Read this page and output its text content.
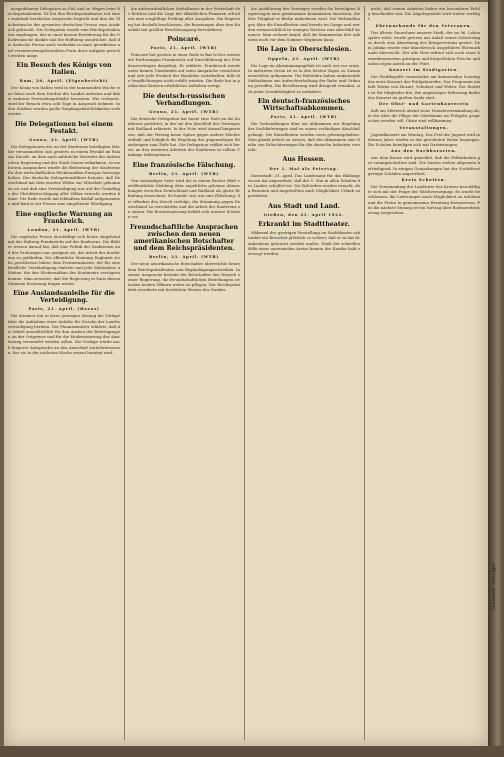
ausgedehnten Delegation zu Fuß und zu Wagen beim Reichspräsidenten. Er hat den Reichspräsidenten mit einer wahrhaft herzlichen Ansprache begrüßt und ihm die Glückwünsche der gesamten deutschen Presse zum Ausdruck gebracht. Die Delegation wurde vom Reichspräsidenten empfangen, der in einer kurzen Erwiderung für die Glückwünsche dankte und die Hoffnung ausdrückte, daß die deutsche Presse auch weiterhin in einer geordneten und verantwortungsbewußten Form ihrer Aufgabe gerecht werden möge.

Ein Besuch des Königs von Italien.
Rom, 20. April. (Eigenbericht)

Der König von Italien wird in der kommenden Woche eine Reise nach dem Norden des Landes antreten und dabei mehrere Provinzhauptstädte besuchen. Wie verlautet, wird der Besuch etwa acht Tage in Anspruch nehmen. In den Städten werden große Empfangsfeierlichkeiten vorbereitet.

Die Delegationen bei einem Festakt.
Genua, 21. April. (WTB)

Die Delegationen der an der Konferenz beteiligten Mächte versammelten sich gestern zu einem Festakt im Palazzo Ducale, an dem auch zahlreiche Vertreter der italienischen Regierung und der Stadt Genua teilnahmen. In mehreren Ansprachen wurde die Bedeutung der Konferenz für den wirtschaftlichen Wiederaufbau Europas hervorgehoben. Der deutsche Delegationsführer betonte, daß Deutschland mit dem ernsten Willen zur Mitarbeit gekommen sei und daß eine Verständigung nur auf der Grundlage der Gleichberechtigung aller Völker erreicht werden könne. Die Rede wurde mit lebhaftem Beifall aufgenommen und fand in der Presse eine eingehende Würdigung.

Eine englische Warnung an Frankreich.
London, 21. April. (WTB)

Die englische Presse beschäftigt sich heute eingehend mit der Haltung Frankreichs auf der Konferenz. Die Blätter weisen darauf hin, daß eine Politik der Sanktionen und der Drohungen nur geeignet sei, die Arbeit der Konferenz zu gefährden. Die öffentliche Meinung Englands stehe geschlossen hinter dem Premierminister, der für eine friedliche Verständigung eintrete und jede Maßnahme ablehne, die den Wiederaufbau des Kontinents verzögern könnte. Man erwartet, daß die Regierung in Paris diesen Stimmen Rechnung tragen werde.

Eine Auslandsanleihe für die Verteidigung.
Paris, 21. April. (Havas)

Die Kammer hat in ihrer gestrigen Sitzung die Vorlage über die Aufnahme einer Anleihe für Zwecke der Landesverteidigung beraten. Der Finanzminister erklärte, daß die Mittel ausschließlich für den Ausbau der Befestigungen an der Ostgrenze und für die Modernisierung der Ausrüstung verwendet werden sollen. Die Vorlage wurde nach längerer Aussprache an den Ausschuß zurückverwiesen, der sie in der nächsten Woche erneut beraten wird.

die außerordentlichen Verhältnisse in der Wirtschaft des Reiches und die Lage der öffentlichen Finanzen erfordern eine sorgfältige Prüfung aller Ausgaben. Die Regierung hat deshalb beschlossen, die Beratungen über den Haushalt mit größter Beschleunigung fortzuführen.

Poincaré.
Paris, 21. April. (WTB)

Poincaré hat gestern in einer Rede in Bar-le-Duc erneut die Forderungen Frankreichs auf Durchführung des Friedensvertrages dargelegt. Er erklärte, Frankreich werde unter keinen Umständen auf seine Ansprüche verzichten und sich jede Freiheit des Handelns vorbehalten, falls die Verpflichtungen nicht erfüllt würden. Die Rede hat in politischen Kreisen erhebliches Aufsehen erregt.

Die deutsch-russischen Verhandlungen.
Genua, 21. April. (WTB)

Die deutsche Delegation hat heute eine Note an die Konferenz gerichtet, in der sie den Abschluß des Vertrages mit Rußland erläutert. In der Note wird darauf hingewiesen, daß der Vertrag keine Spitze gegen andere Mächte enthält und lediglich die Regelung der gegenseitigen Beziehungen zum Ziele hat. Die Delegation erklärt sich bereit, an den weiteren Arbeiten der Konferenz in vollem Umfange teilzunehmen.

Eine französische Fälschung.
Berlin, 21. April. (WTB)

Von zuständiger Seite wird die in einem Pariser Blatt veröffentlichte Meldung über angebliche geheime Abmachungen zwischen Deutschland und Rußland als glatte Erfindung bezeichnet. Es handle sich um eine Fälschung, die offenbar den Zweck verfolge, die Stimmung gegen Deutschland zu verschärfen und die Arbeit der Konferenz zu stören. Die Reichsregierung behält sich weitere Schritte vor.

Freundschaftliche Ansprachen zwischen dem neuen amerikanischen Botschafter und dem Reichspräsidenten.
Berlin, 21. April. (WTB)

Der neue amerikanische Botschafter überreichte heute dem Reichspräsidenten sein Beglaubigungsschreiben. In seiner Ansprache betonte der Botschafter den Wunsch seiner Regierung, die freundschaftlichen Beziehungen zwischen beiden Völkern weiter zu pflegen. Der Reichspräsident erwiderte mit herzlichen Worten des Dankes.

die Ausführung des Vertrages werden die beteiligten Regierungen eine gemeinsame Kommission einsetzen, die ihre Tätigkeit in Berlin aufnehmen wird. Die Verhandlungen über die Einzelheiten sind bereits im Gange und werden voraussichtlich in wenigen Wochen zum Abschluß kommen. Man rechnet damit, daß die Kommission ihre Arbeiten noch vor dem Sommer beginnen kann.

Die Lage in Oberschlesien.
Oppeln, 21. April. (WTB)

Die Lage im Abstimmungsgebiet ist nach wie vor ernst. In mehreren Orten ist es in den letzten Tagen zu Zusammenstößen gekommen. Die Behörden haben umfassende Maßnahmen zur Aufrechterhaltung der Ruhe und Ordnung getroffen. Die Bevölkerung wird dringend ermahnt, sich jeder Gewalttätigkeit zu enthalten.

Ein deutsch-französisches Wirtschaftsabkommen.
Paris, 21. April. (WTB)

Die Verhandlungen über ein Abkommen zur Regelung der Sachlieferungen sind zu einem vorläufigen Abschluß gelangt. Die Einzelheiten werden noch geheimgehalten. Man glaubt jedoch zu wissen, daß das Abkommen eine Reihe von Erleichterungen für die deutsche Industrie vorsieht.

Aus Hessen.
Der 1. Mai als Feiertag.

Darmstadt, 21. April. Das Landesamt für das Bildungswesen hat angeordnet, daß der 1. Mai in allen Schulen des Landes schulfrei ist. Die Behörden werden ersucht, den Beamten und Angestellten nach Möglichkeit Urlaub zu gewähren.

Aus Stadt und Land.
Gießen, den 21. April 1922.
Erkrankt im Stadttheater.

Während der gestrigen Vorstellung im Stadttheater erkrankte ein Besucher plötzlich so schwer, daß er in das Krankenhaus gebracht werden mußte. Dank der schnellen Hilfe eines anwesenden Arztes konnte der Kranke bald versorgt werden.

nicht, daß seinen Arbeiten bisher ein besonderer Erfolg beschieden war. Die Angelegenheit wird weiter verfolgt.

Ehrenurkunde für den Veteranen.

Der älteste Einwohner unserer Stadt, der im 96. Lebensjahre steht, wurde gestern aus Anlaß seines Geburtstages durch eine Abordnung des Kriegervereins geehrt. Dem Jubilar wurde eine künstlerisch ausgeführte Ehrenurkunde überreicht. Der alte Herr erfreut sich noch einer bemerkenswerten geistigen und körperlichen Frische und nahm regen Anteil an der Feier.

Konzert im Stadtgarten.

Die Stadtkapelle veranstaltet am kommenden Sonntag das erste Konzert der Frühjahrsreihe. Das Programm umfaßt Werke von Mozart, Schubert und Weber. Der Eintritt ist für Mitglieder frei. Bei ungünstiger Witterung findet das Konzert im großen Saale statt.

Der Obst- und Gartenbauverein

hält am Mittwoch abend seine Monatsversammlung ab, in der über die Pflege der Obstbäume im Frühjahr gesprochen werden soll. Gäste sind willkommen.

Veranstaltungen.

Jugendkonzert am Montag. Das Fest der Jugend wird in diesem Jahre wieder in der gewohnten Weise begangen. Die Schulen beteiligen sich mit Darbietungen.

Aus den Nachbarorten.

Aus dem Kreise wird gemeldet, daß die Feldarbeiten gut vorangeschritten sind. Die Saaten stehen allgemein befriedigend. In einigen Gemarkungen hat der Nachtfrost geringe Schäden angerichtet.

Kreis Schotten.

Die Versammlung der Landwirte des Kreises beschäftigte sich mit der Frage der Milchversorgung. Es wurde beschlossen, die Lieferungen nach Möglichkeit zu erhöhen und die Preise in gemeinsamer Beratung festzusetzen. Für die nächste Sitzung ist ein Vortrag über Bodenverbesserung vorgesehen.

Gießener Anzeiger
